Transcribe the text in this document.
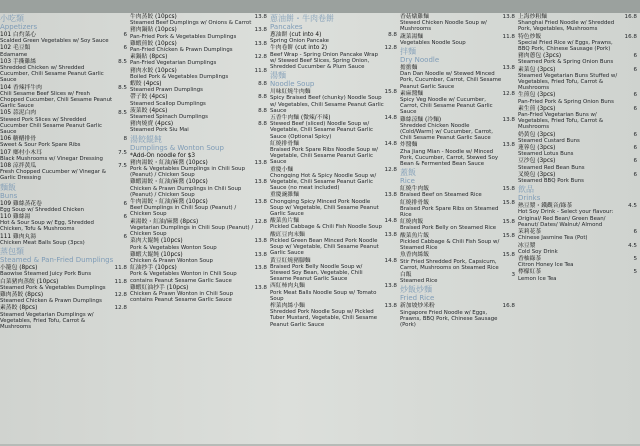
小吃類
Appetizers
101 白灼菜心
Scalded Green Vegetables w/ Soy Sauce
6
102 毛豆類
Edamame
6
103 手撕雞絲
Shredded Chicken w/ Shredded Cucumber, Chili Sesame Peanut Garlic Sauce
8.5
104 香辣拌牛肉
Chili Sesame Beef Slices w/ Fresh Chopped Cucumber, Chili Sesame Peanut Garlic Sauce
8.5
105 蒜泥白肉
Stewed Pork Slices w/ Shredded Cucumber Chili Sesame Peanut Garlic Sauce
8.5
106 糖醋排骨
Sweet & Sour Pork Spare Ribs
8
107 鄉村小木耳
Black Mushrooms w/ Vinegar Dressing
7.5
108 涼拌黃瓜
Fresh Chopped Cucumber w/ Vinegar & Garlic Dressing
7.5
麵飯
Buns
109 雞絲蒸花卷
Egg Soup w/ Shredded Chicken
6
110 雞絲湯
Hot & Sour Soup w/ Egg, Shredded Chicken, Tofu & Mushrooms
6
111 雞肉丸湯
Chicken Meat Balls Soup (3pcs)
6
蒸包類
Steamed & Pan-Fried Dumplings
小籠包 (8pcs)
Baowise Steamed Juicy Pork Buns
11.8
白菜豬肉蒸餃 (10pcs)
Steamed Pork & Vegetables Dumplings
11.8
雞肉蒸餃 (8pcs)
Steamed Chicken & Prawn Dumplings
12.8
素蒸餃 (8pcs)
Steamed Vegetarian Dumplings w/ Vegetables, Fried Tofu, Carrot & Mushrooms
12.8
牛肉蒸餃 (10pcs)
Steamed Beef Dumplings w/ Onions & Carrot
13.8
豬肉鍋貼 (10pcs)
Pan-Fried Pork & Vegetables Dumplings
13.8
雞蝦煎餃 (10pcs)
Pan-Fried Chicken & Prawn Dumplings
13.8
素鍋貼 (8pcs)
Pan-Fried Vegetarian Dumplings
12.8
豬肉水餃 (10pcs)
Boiled Pork & Vegetables Dumplings
11.8
蝦餃 (4pcs)
Steamed Prawn Dumplings
8.8
帶子餃 (4pcs)
Steamed Scallop Dumplings
8.8
菠菜餃 (4pcs)
Steamed Spinach Dumplings
8.8
豬肉燒賣 (4pcs)
Steamed Pork Siu Mai
8.8
湯餃餛飩
Dumplings & Wonton Soup
*Add-On noodle for $3
豬肉湯餃・紅油/麻醬 (10pcs)
Pork & Vegetables Dumplings in Chili Soup (Peanut) / Chicken Soup
13.8
雞蝦湯餃・紅油/麻醬 (10pcs)
Chicken & Prawn Dumplings in Chili Soup (Peanut) / Chicken Soup
13.8
牛肉湯餃・紅油/麻醬 (10pcs)
Beef Dumplings in Chili Soup (Peanut) / Chicken Soup
13.8
素湯餃・紅油/麻醬 (8pcs)
Vegetarian Dumplings in Chili Soup (Peanut) / Chicken Soup
12.8
菜肉大餛飩 (10pcs)
Pork & Vegetables Wonton Soup
13.8
雞蝦大餛飩 (10pcs)
Chicken & Prawn Wonton Soup
13.8
紅油抄手 (10pcs)
Pork & Vegetables Wonton in Chili Soup contains Peanut Sesame Garlic Sauce
13.8
雞蝦紅油抄手 (10pcs)
Chicken & Prawn Wonton in Chili Soup contains Peanut Sesame Garlic Sauce
13.8
蔥油餅・牛肉卷餅
Pancakes
蔥油餅 (cut into 4)
Spring Onion Pancake
8.8
牛肉卷餅 (cut into 2)
Beef Wrap - Spring Onion Pancake Wrap w/ Stewed Beef Slices, Spring Onion, Shredded Cucumber & Plum Sauce
12.8
湯麵
Noodle Soup
川味紅燒牛肉麵
Spicy Braised Beef (chunky) Noodle Soup w/ Vegetables, Chili Sesame Peanut Garlic Sauce
15.8
五香牛肉麵 (微辣/不辣)
Stewed Beef (sliced) Noodle Soup w/ Vegetable, Chili Sesame Peanut Garlic Sauce (Optional Spicy)
14.8
紅燒排骨麵
Braised Pork Spare Ribs Noodle Soup w/ Vegetable, Chili Sesame Peanut Garlic Sauce
14.8
重慶小麵
Chongqing Hot & Spicy Noodle Soup w/ Vegetable, Chili Sesame Peanut Garlic Sauce (no meat included)
12.8
重慶豌雜麵
Chongqing Spicy Minced Pork Noodle Soup w/ Vegetable, Chili Sesame Peanut Garlic Sauce
13.8
酸菜魚片麵
Pickled Cabbage & Chili Fish Noodle Soup
14.8
酸豇豆肉末麵
Pickled Green Bean Minced Pork Noodle Soup w/ Vegetable, Chili Sesame Peanut Garlic Sauce
13.8
黃豆紅燒豬腳麵
Braised Pork Belly Noodle Soup w/ Stewed Soy Bean, Vegetable, Chili Sesame Peanut Garlic Sauce
14.8
西紅柿肉丸麵
Pork Meat Balls Noodle Soup w/ Tomato Soup
13.8
榨菜肉絲小麵
Shredded Pork Noodle Soup w/ Pickled Tuber Mustard, Vegetable, Chili Sesame Peanut Garlic Sauce
13.8
香菇燉雞麵
Stewed Chicken Noodle Soup w/ Mushrooms
13.8
蔬菜湯麵
Vegetables Noodle Soup
11.8
拌麵
Dry Noodle
擔擔麵
Dan Dan Noodle w/ Stewed Minced Pork, Cucumber, Carrot, Chili Sesame Peanut Garlic Sauce
13.8
素麻醬麵
Spicy Veg Noodle w/ Cucumber, Carrot, Chili Sesame Peanut Garlic Sauce
12.8
雞絲涼麵 (冷麵)
Shredded Chicken Noodle (Cold/Warm) w/ Cucumber, Carrot, Chili Sesame Peanut Garlic Sauce
13.8
炸醬麵
Zha Jiang Mian - Noodle w/ Minced Pork, Cucumber, Carrot, Stewed Soy Bean & Fermented Bean Sauce
13.8
蓋飯
Rice
紅燒牛肉飯
Braised Beef on Steamed Rice
15.8
紅燒排骨飯
Braised Pork Spare Ribs on Steamed Rice
15.8
紅燒肉飯
Braised Pork Belly on Steamed Rice
15.8
酸菜魚片飯
Pickled Cabbage & Chili Fish Soup w/ Steamed Rice
15.8
魚香肉絲飯
Stir Fried Shredded Pork, Capsicum, Carrot, Mushrooms on Steamed Rice
15.8
白飯
Steamed Rice
3
炒飯炒麵
Fried Rice
新加坡炒米粉
Singapore Fried Noodle w/ Eggs, Prawns, BBQ Pork, Chinese Sausage (Pork)
16.8
上海炒粗麵
Shanghai Fried Noodle w/ Shredded Pork, Vegetables, Mushrooms
16.8
特色炒飯
Special Fried Rice w/ Eggs, Prawns, BBQ Pork, Chinese Sausage (Pork)
16.8
豬肉蔥包 (3pcs)
Steamed Pork & Spring Onion Buns
6
素菜包 (3pcs)
Steamed Vegetarian Buns Stuffed w/ Vegetables, Fried Tofu, Carrot & Mushrooms
6
生煎包 (3pcs)
Pan-Fried Pork & Spring Onion Buns
6
素生煎 (3pcs)
Pan-Fried Vegetarian Buns w/ Vegetables, Fried Tofu, Carrot & Mushrooms
6
奶黃包 (3pcs)
Steamed Custard Buns
6
蓮蓉包 (3pcs)
Steamed Lotus Buns
6
豆沙包 (3pcs)
Steamed Red Bean Buns
6
叉燒包 (3pcs)
Steamed BBQ Pork Buns
6
飲品
Drinks
熱豆漿・鐵觀音/綠茶
Hot Soy Drink - Select your flavour: Original/ Red Bean/ Green Bean/ Peanut/ Dates/ Walnut/ Almond
4.5
茉莉花茶
Chinese Jasmine Tea (Pot)
6
冰豆漿
Cold Soy Drink
4.5
香柚綠茶
Citron Honey Ice Tea
5
檸檬紅茶
Lemon Ice Tea
5
